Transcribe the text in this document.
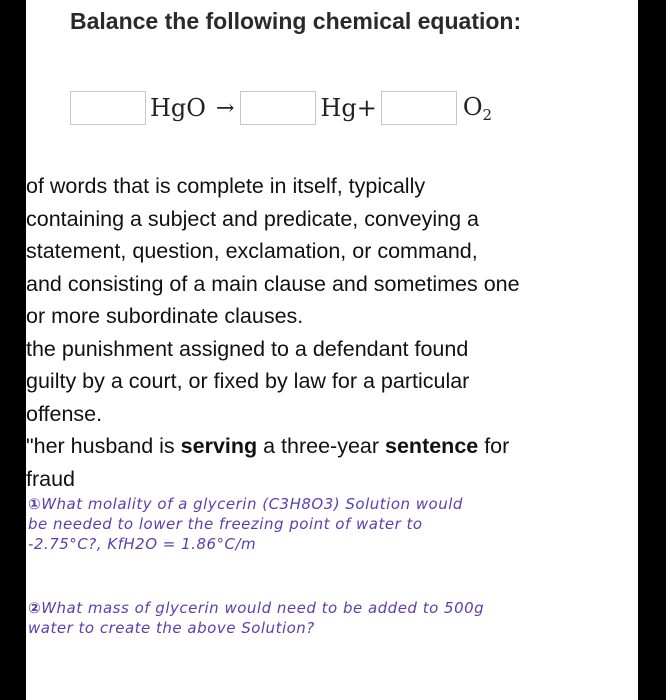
Balance the following chemical equation:
HgO →	Hg+	$O_2$

of words that is complete in itself, typically

containing a subject and predicate, conveying a

statement, question, exclamation, or command,

and consisting of a main clause and sometimes one

or more subordinate clauses.

the punishment assigned to a defendant found

guilty by a court, or fixed by law for a particular

offense.

"her husband is serving a three-year sentence for

fraud

①What molality of a glycerin (C3H8O3) Solution would

be needed to lower the freezing point of water to

-2.75°C?, KfH2O = 1.86°C/m

②What mass of glycerin would need to be added to 500g

water to create the above Solution?
